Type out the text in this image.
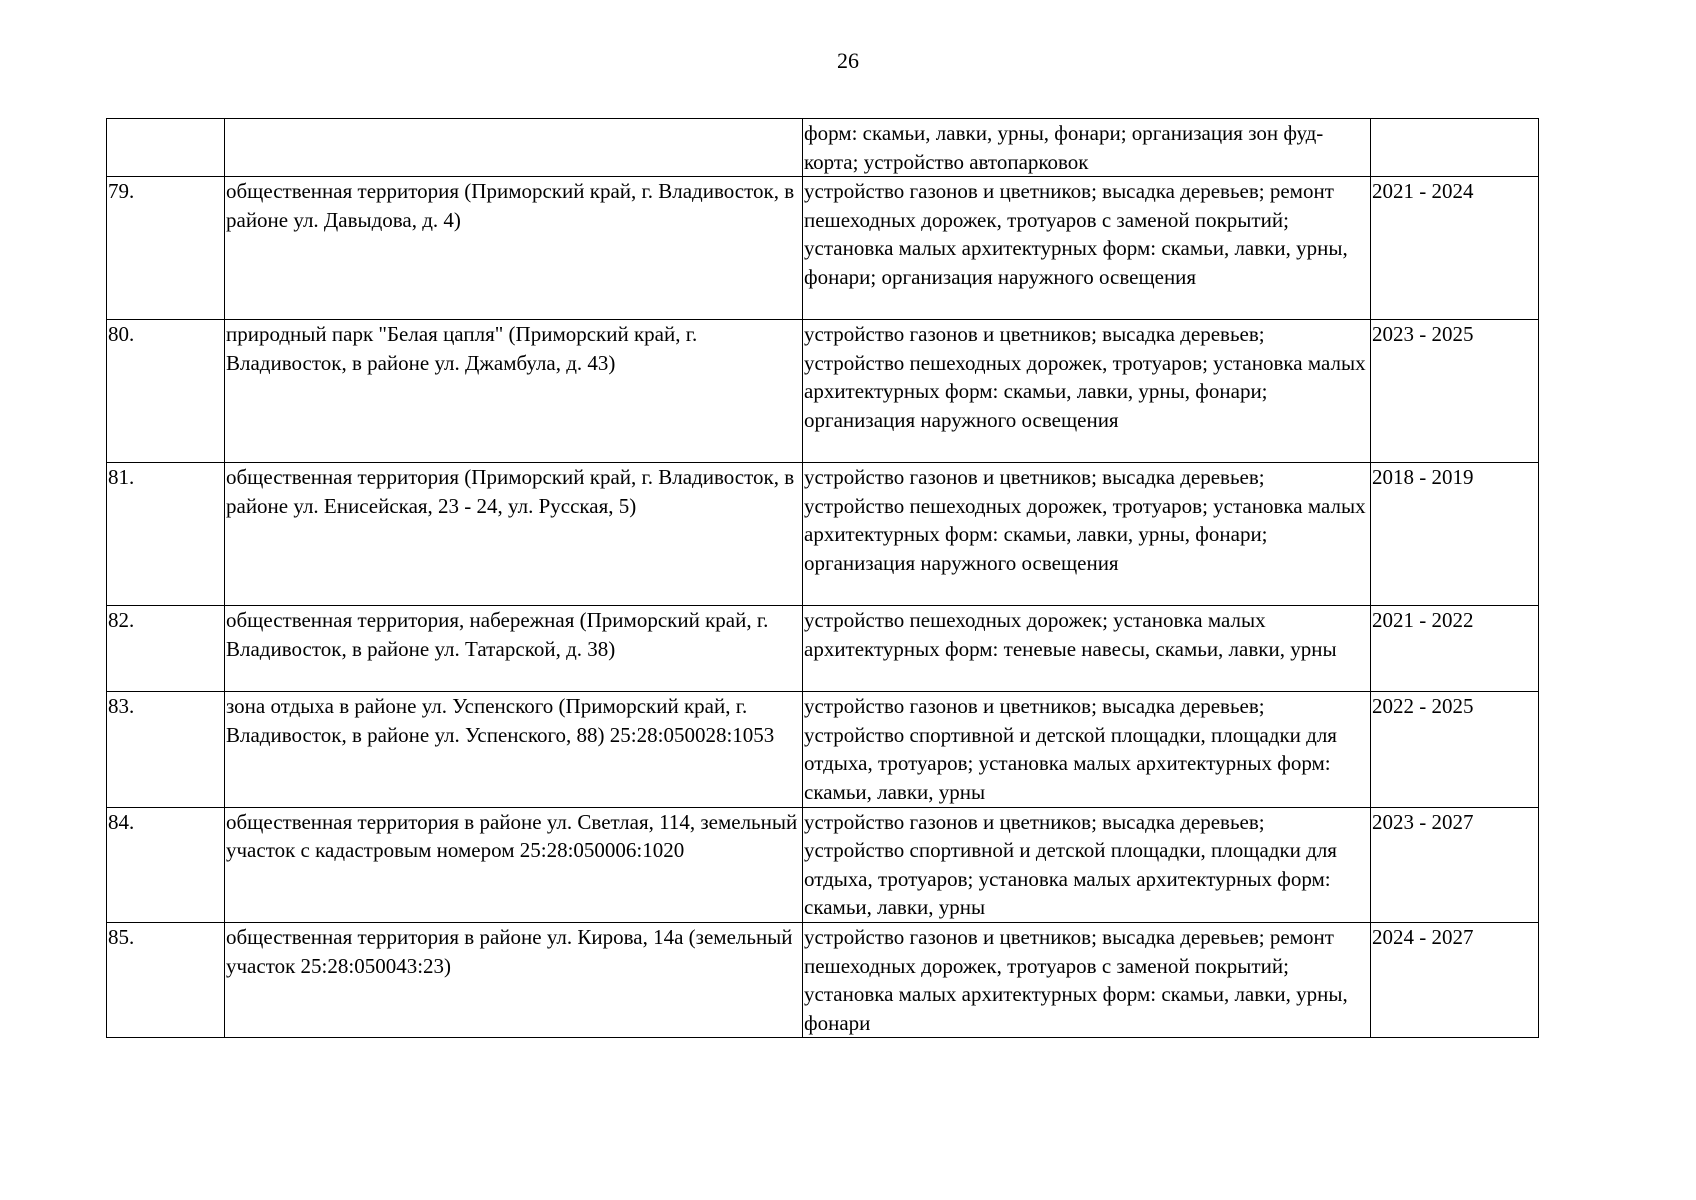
26

		форм: скамьи, лавки, урны, фонари; организация зон фуд-корта; устройство автопарковок	

79.	общественная территория (Приморский край, г. Владивосток, в районе ул. Давыдова, д. 4)	устройство газонов и цветников; высадка деревьев; ремонт пешеходных дорожек, тротуаров с заменой покрытий; установка малых архитектурных форм: скамьи, лавки, урны, фонари; организация наружного освещения	2021 - 2024

80.	природный парк "Белая цапля" (Приморский край, г. Владивосток, в районе ул. Джамбула, д. 43)	устройство газонов и цветников; высадка деревьев; устройство пешеходных дорожек, тротуаров; установка малых архитектурных форм: скамьи, лавки, урны, фонари; организация наружного освещения	2023 - 2025

81.	общественная территория (Приморский край, г. Владивосток, в районе ул. Енисейская, 23 - 24, ул. Русская, 5)	устройство газонов и цветников; высадка деревьев; устройство пешеходных дорожек, тротуаров; установка малых архитектурных форм: скамьи, лавки, урны, фонари; организация наружного освещения	2018 - 2019

82.	общественная территория, набережная (Приморский край, г. Владивосток, в районе ул. Татарской, д. 38)	устройство пешеходных дорожек; установка малых архитектурных форм: теневые навесы, скамьи, лавки, урны	2021 - 2022

83.	зона отдыха в районе ул. Успенского (Приморский край, г. Владивосток, в районе ул. Успенского, 88) 25:28:050028:1053	устройство газонов и цветников; высадка деревьев; устройство спортивной и детской площадки, площадки для отдыха, тротуаров; установка малых архитектурных форм: скамьи, лавки, урны	2022 - 2025

84.	общественная территория в районе ул. Светлая, 114, земельный участок с кадастровым номером 25:28:050006:1020	устройство газонов и цветников; высадка деревьев; устройство спортивной и детской площадки, площадки для отдыха, тротуаров; установка малых архитектурных форм: скамьи, лавки, урны	2023 - 2027

85.	общественная территория в районе ул. Кирова, 14а (земельный участок 25:28:050043:23)	устройство газонов и цветников; высадка деревьев; ремонт пешеходных дорожек, тротуаров с заменой покрытий; установка малых архитектурных форм: скамьи, лавки, урны, фонари	2024 - 2027
